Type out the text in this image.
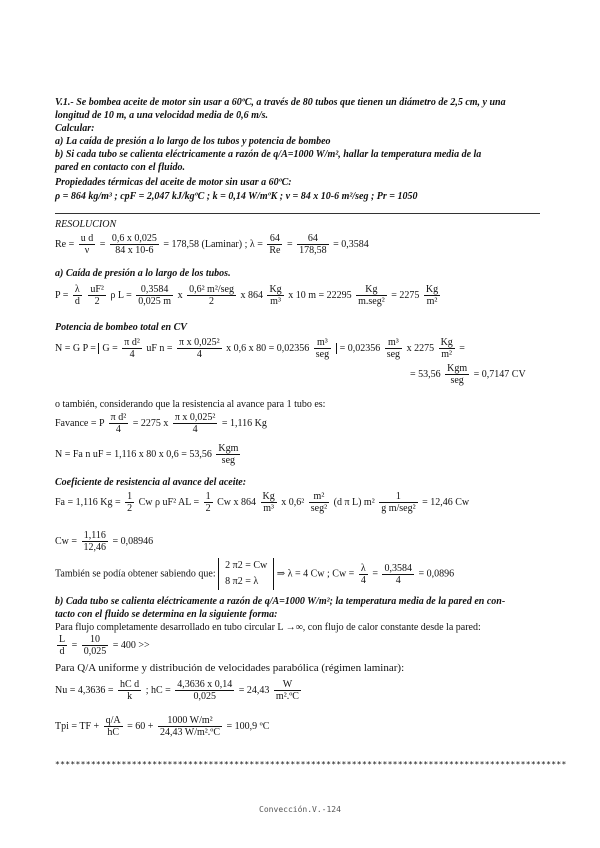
V.1.- Se bombea aceite de motor sin usar a 60ºC, a través de 80 tubos que tienen un diámetro de 2,5 cm, y una
longitud de 10 m, a una velocidad media de 0,6 m/s.
Calcular:
a) La caída de presión a lo largo de los tubos y potencia de bombeo
b) Si cada tubo se calienta eléctricamente a razón de q/A=1000 W/m², hallar la temperatura media de la
pared en contacto con el fluido.
Propiedades térmicas del aceite de motor sin usar a 60ºC:
ρ = 864 kg/m³ ; cpF = 2,047 kJ/kgºC ; k = 0,14 W/mºK ; ν = 84 x 10-6 m²/seg ; Pr = 1050
RESOLUCION
$Re = \frac{\text{u d}}{\nu} = \frac{0,6 x 0,025}{84 x 10-6} = 178,58$ (Laminar) ; $\lambda = \frac{64}{Re} = \frac{64}{178,58} = 0,3584$
a) Caída de presión a lo largo de los tubos.
$P = \frac{\lambda}{d}$
$\frac{\text{uF²}}{2}$ ρ $L = \frac{0,3584}{0,025 m}$ x $\frac{\text{0,6² m²/seg}}{2}$ x $864 \frac{Kg}{\text{m³}}$ x 10 $m = 22295 \frac{Kg}{\text{m.seg²}} = 2275 \frac{Kg}{\text{m²}}$
Potencia de bombeo total en CV
N = G $P = G = \frac{\text{π d²}}{4}$ uF $n = \frac{\text{π x 0,025²}}{4}$ x 0,6 x $80 = 0,02356 \frac{\text{m³}}{\text{seg}} = 0,02356 \frac{\text{m³}}{\text{seg}}$ x $2275 \frac{Kg}{\text{m²}}$ =
= $53,56 \frac{\text{Kgm}}{\text{seg}} = 0,7147$ CV
o también, considerando que la resistencia al avance para 1 tubo es:
Favance = P $\frac{\text{π d²}}{4} = 2275$ x $\frac{\text{π x 0,025²}}{4} = 1,116$ Kg
N = Fa n uF = 1,116 x 80 x $0,6 = 53,56 \frac{\text{Kgm}}{\text{seg}}$
Coeficiente de resistencia al avance del aceite:
Fa = 1,116 $Kg = \frac{1}{2}$ Cw ρ uF² AL = $\frac{1}{2}$ Cw x $864 \frac{Kg}{\text{m³}}$ x $0,6^2 \frac{\text{m²}}{\text{seg²}} (d$ π L) $m^2 \frac{1}{\text{g m/seg²}} = 12,46$ Cw
$Cw = \frac{1,116}{12,46} = 0,08946$
También se podía obtener sabiendo que:
2 π2 = Cw
8 π2 = λ
⇒ λ = 4 Cw ; $Cw = \frac{\lambda}{4} = \frac{0,3584}{4} = 0,0896$
b) Cada tubo se calienta eléctricamente a razón de q/A=1000 W/m²; la temperatura media de la pared en con-
tacto con el fluido se determina en la siguiente forma:
Para flujo completamente desarrollado en tubo circular L →∞, con flujo de calor constante desde la pared:
$\frac{L}{d} = \frac{10}{0,025} = 400$ >>
Para Q/A uniforme y distribución de velocidades parabólica (régimen laminar):
$Nu = 4,3636 = \frac{\text{hC d}}{k}$ ; hC = $\frac{4,3636 x 0,14}{0,025} = 24,43 \frac{W}{\text{m².ºC}}$
Tpi = TF + $\frac{q/A}{hC} = 60 + \frac{\text{1000 W/m²}}{\text{24,43 W/m².ºC}} = 100,9$ ºC
****************************************************************************************************
Convección.V.-124
